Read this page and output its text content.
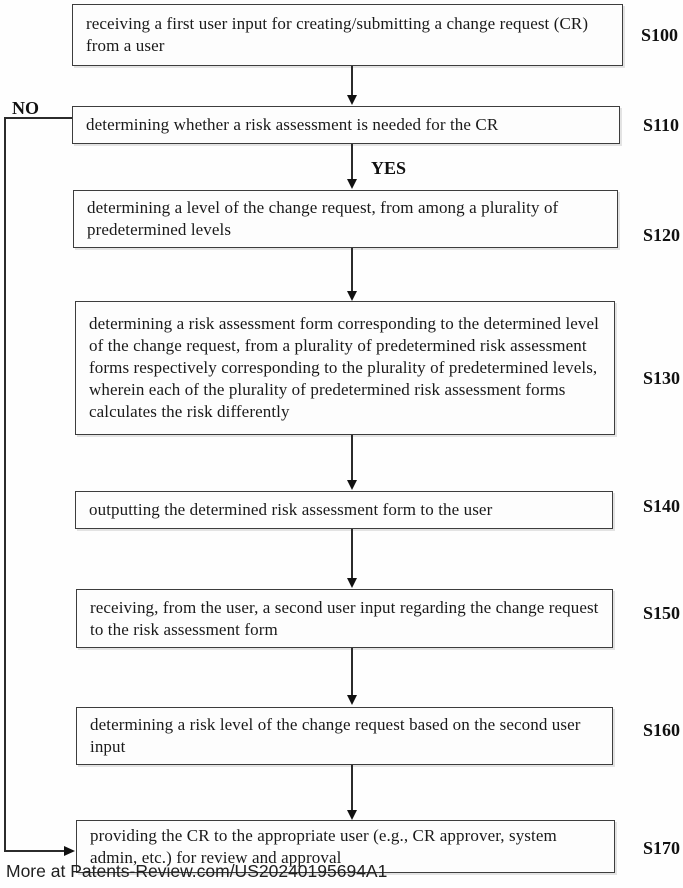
NO
receiving a first user input for creating/submitting a change request (CR) from a user
S100
determining whether a risk assessment is needed for the CR	S110
YES
determining a level of the change request, from among a plurality of predetermined levels	S120
determining a risk assessment form corresponding to the determined level of the change request, from a plurality of predetermined risk assessment forms respectively corresponding to the plurality of predetermined levels, wherein each of the plurality of predetermined risk assessment forms calculates the risk differently
S130
outputting the determined risk assessment form to the user	S140
receiving, from the user, a second user input regarding the change request to the risk assessment form
S150
determining a risk level of the change request based on the second user input
S160
providing the CR to the appropriate user (e.g., CR approver, system admin, etc.) for review and approval	S170
More at Patents-Review.com/US20240195694A1
